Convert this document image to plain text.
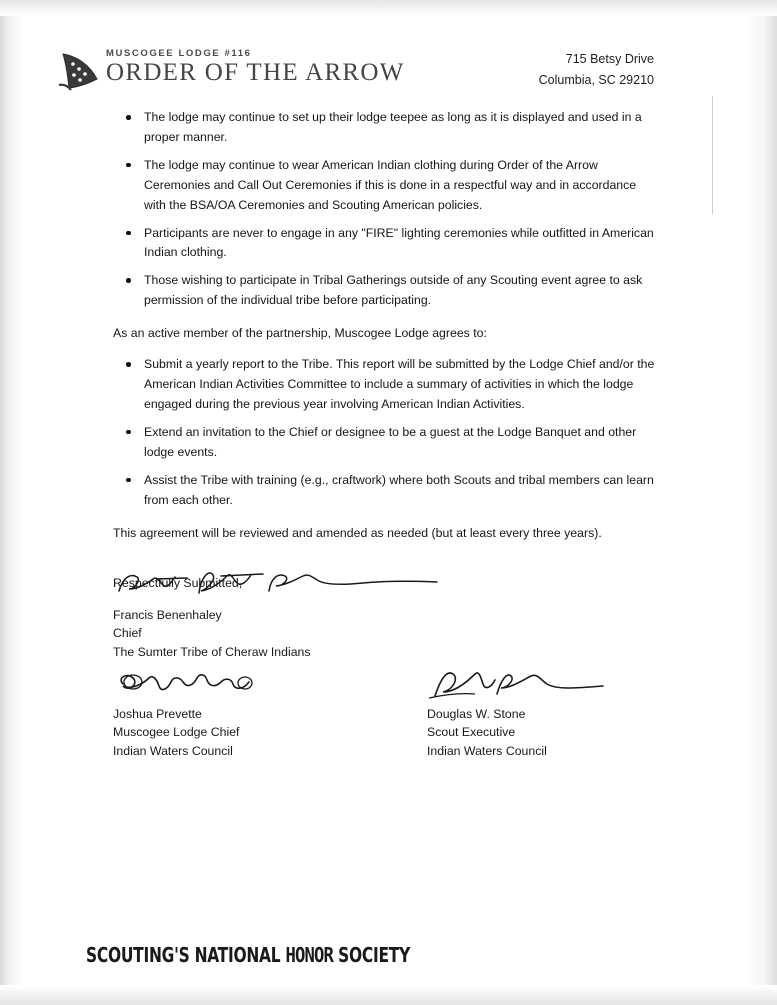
MUSCOGEE LODGE #116
ORDER OF THE ARROW	715 Betsy Drive
Columbia, SC 29210
The lodge may continue to set up their lodge teepee as long as it is displayed and used in a proper manner.
The lodge may continue to wear American Indian clothing during Order of the Arrow Ceremonies and Call Out Ceremonies if this is done in a respectful way and in accordance with the BSA/OA Ceremonies and Scouting American policies.
Participants are never to engage in any "FIRE" lighting ceremonies while outfitted in American Indian clothing.
Those wishing to participate in Tribal Gatherings outside of any Scouting event agree to ask permission of the individual tribe before participating.

As an active member of the partnership, Muscogee Lodge agrees to:

Submit a yearly report to the Tribe. This report will be submitted by the Lodge Chief and/or the American Indian Activities Committee to include a summary of activities in which the lodge engaged during the previous year involving American Indian Activities.
Extend an invitation to the Chief or designee to be a guest at the Lodge Banquet and other lodge events.
Assist the Tribe with training (e.g., craftwork) where both Scouts and tribal members can learn from each other.

This agreement will be reviewed and amended as needed (but at least every three years).

Respectfully Submitted,

Francis Benenhaley
Chief
The Sumter Tribe of Cheraw Indians
Joshua Prevette
Muscogee Lodge Chief
Indian Waters Council
Douglas W. Stone
Scout Executive
Indian Waters Council
SCOUTING'S NATIONAL HONOR SOCIETY
